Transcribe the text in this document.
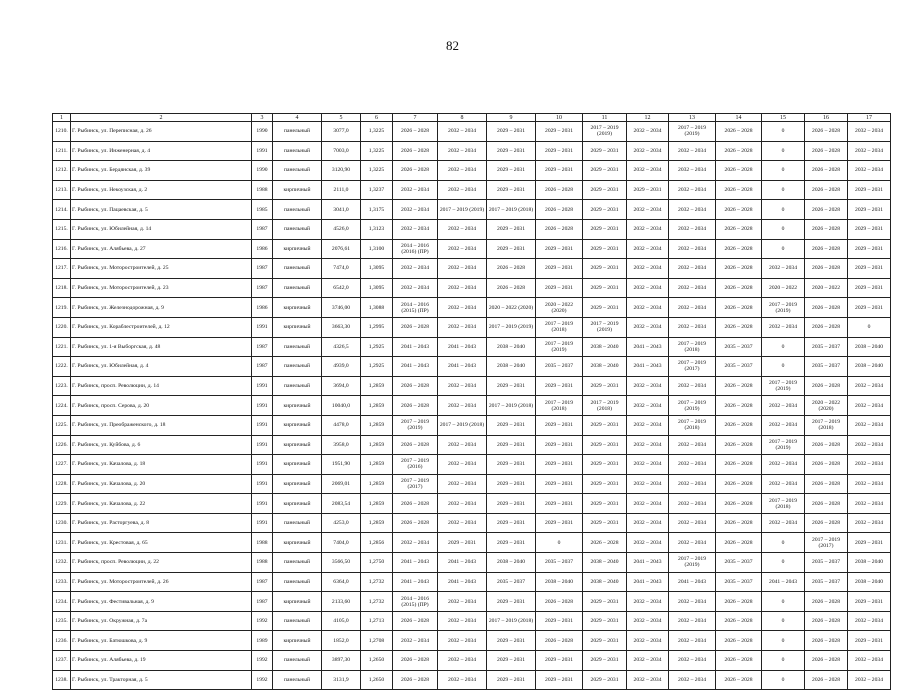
82
1	2	3	4	5	6	7	8	9	10	11	12	13	14	15	16	17
1210.	Г. Рыбинск, ул. Переписная, д. 26	1990	панельный	3077,0	1,3225	2026 – 2028	2032 – 2034	2029 – 2031	2029 – 2031	2017 – 2019 (2019)	2032 – 2034	2017 – 2019 (2019)	2026 – 2028	0	2026 – 2028	2032 – 2034
1211.	Г. Рыбинск, ул. Инженерная, д. 4	1991	панельный	7003,0	1,3225	2026 – 2028	2032 – 2034	2029 – 2031	2029 – 2031	2029 – 2031	2032 – 2034	2032 – 2034	2026 – 2028	0	2026 – 2028	2032 – 2034
1212.	Г. Рыбинск, ул. Бердянская, д. 39	1990	панельный	3120,90	1,3225	2026 – 2028	2032 – 2034	2029 – 2031	2029 – 2031	2029 – 2031	2032 – 2034	2032 – 2034	2026 – 2028	0	2026 – 2028	2032 – 2034
1213.	Г. Рыбинск, ул. Некоузская, д. 2	1988	кирпичный	2111,0	1,3237	2032 – 2034	2032 – 2034	2029 – 2031	2026 – 2028	2029 – 2031	2029 – 2031	2032 – 2034	2026 – 2028	0	2026 – 2028	2029 – 2031
1214.	Г. Рыбинск, ул. Пацаевская, д. 5	1985	панельный	3041,0	1,3175	2032 – 2034	2017 – 2019 (2019)	2017 – 2019 (2018)	2026 – 2028	2029 – 2031	2032 – 2034	2032 – 2034	2026 – 2028	0	2026 – 2028	2029 – 2031
1215.	Г. Рыбинск, ул. Юбилейная, д. 14	1987	панельный	4526,0	1,3123	2032 – 2034	2032 – 2034	2029 – 2031	2026 – 2028	2029 – 2031	2032 – 2034	2032 – 2034	2026 – 2028	0	2026 – 2028	2029 – 2031
1216.	Г. Рыбинск, ул. Алябьева, д. 27	1986	кирпичный	2076,61	1,3100	2014 – 2016 (2016) (ПР)	2032 – 2034	2029 – 2031	2029 – 2031	2029 – 2031	2032 – 2034	2032 – 2034	2026 – 2028	0	2026 – 2028	2029 – 2031
1217.	Г. Рыбинск, ул. Моторостроителей, д. 25	1987	панельный	7474,0	1,3095	2032 – 2034	2032 – 2034	2026 – 2028	2029 – 2031	2029 – 2031	2032 – 2034	2032 – 2034	2026 – 2028	2032 – 2034	2026 – 2028	2029 – 2031
1218.	Г. Рыбинск, ул. Моторостроителей, д. 23	1987	панельный	6542,0	1,3095	2032 – 2034	2032 – 2034	2026 – 2028	2029 – 2031	2029 – 2031	2032 – 2034	2032 – 2034	2026 – 2028	2020 – 2022	2020 – 2022	2029 – 2031
1219.	Г. Рыбинск, ул. Железнодорожная, д. 9	1986	кирпичный	3746,00	1,3088	2014 – 2016 (2015) (ПР)	2032 – 2034	2020 – 2022 (2020)	2020 – 2022 (2020)	2029 – 2031	2032 – 2034	2032 – 2034	2026 – 2028	2017 – 2019 (2019)	2026 – 2028	2029 – 2031
1220.	Г. Рыбинск, ул. Кораблестроителей, д. 12	1991	кирпичный	3663,30	1,2995	2026 – 2028	2032 – 2034	2017 – 2019 (2019)	2017 – 2019 (2018)	2017 – 2019 (2019)	2032 – 2034	2032 – 2034	2026 – 2028	2032 – 2034	2026 – 2028	0
1221.	Г. Рыбинск, ул. 1-я Выборгская, д. 48	1987	панельный	4326,5	1,2925	2041 – 2043	2041 – 2043	2038 – 2040	2017 – 2019 (2019)	2038 – 2040	2041 – 2043	2017 – 2019 (2018)	2035 – 2037	0	2035 – 2037	2038 – 2040
1222.	Г. Рыбинск, ул. Юбилейная, д. 4	1987	панельный	4939,0	1,2925	2041 – 2043	2041 – 2043	2038 – 2040	2035 – 2037	2038 – 2040	2041 – 2043	2017 – 2019 (2017)	2035 – 2037	0	2035 – 2037	2038 – 2040
1223.	Г. Рыбинск, просп. Революции, д. 14	1991	панельный	3694,0	1,2859	2026 – 2028	2032 – 2034	2029 – 2031	2029 – 2031	2029 – 2031	2032 – 2034	2032 – 2034	2026 – 2028	2017 – 2019 (2019)	2026 – 2028	2032 – 2034
1224.	Г. Рыбинск, просп. Серова, д. 20	1991	кирпичный	10040,0	1,2859	2026 – 2028	2032 – 2034	2017 – 2019 (2018)	2017 – 2019 (2018)	2017 – 2019 (2018)	2032 – 2034	2017 – 2019 (2019)	2026 – 2028	2032 – 2034	2020 – 2022 (2020)	2032 – 2034
1225.	Г. Рыбинск, ул. Преображенского, д. 18	1991	кирпичный	4478,0	1,2859	2017 – 2019 (2019)	2017 – 2019 (2018)	2029 – 2031	2029 – 2031	2029 – 2031	2032 – 2034	2017 – 2019 (2018)	2026 – 2028	2032 – 2034	2017 – 2019 (2018)	2032 – 2034
1226.	Г. Рыбинск, ул. Куйбова, д. 6	1991	кирпичный	3958,0	1,2859	2026 – 2028	2032 – 2034	2029 – 2031	2029 – 2031	2029 – 2031	2032 – 2034	2032 – 2034	2026 – 2028	2017 – 2019 (2019)	2026 – 2028	2032 – 2034
1227.	Г. Рыбинск, ул. Качалова, д. 18	1991	кирпичный	1951,90	1,2859	2017 – 2019 (2016)	2032 – 2034	2029 – 2031	2029 – 2031	2029 – 2031	2032 – 2034	2032 – 2034	2026 – 2028	2032 – 2034	2026 – 2028	2032 – 2034
1228.	Г. Рыбинск, ул. Качалова, д. 20	1991	кирпичный	2069,01	1,2859	2017 – 2019 (2017)	2032 – 2034	2029 – 2031	2029 – 2031	2029 – 2031	2032 – 2034	2032 – 2034	2026 – 2028	2032 – 2034	2026 – 2028	2032 – 2034
1229.	Г. Рыбинск, ул. Качалова, д. 22	1991	кирпичный	2083,54	1,2859	2026 – 2028	2032 – 2034	2029 – 2031	2029 – 2031	2029 – 2031	2032 – 2034	2032 – 2034	2026 – 2028	2017 – 2019 (2018)	2026 – 2028	2032 – 2034
1230.	Г. Рыбинск, ул. Расторгуева, д. 8	1991	панельный	4253,0	1,2859	2026 – 2028	2032 – 2034	2029 – 2031	2029 – 2031	2029 – 2031	2032 – 2034	2032 – 2034	2026 – 2028	2032 – 2034	2026 – 2028	2032 – 2034
1231.	Г. Рыбинск, ул. Крестовая, д. 65	1988	кирпичный	7404,0	1,2856	2032 – 2034	2029 – 2031	2029 – 2031	0	2026 – 2028	2032 – 2034	2032 – 2034	2026 – 2028	0	2017 – 2019 (2017)	2029 – 2031
1232.	Г. Рыбинск, просп. Революции, д. 22	1988	панельный	3566,50	1,2750	2041 – 2043	2041 – 2043	2038 – 2040	2035 – 2037	2038 – 2040	2041 – 2043	2017 – 2019 (2019)	2035 – 2037	0	2035 – 2037	2038 – 2040
1233.	Г. Рыбинск, ул. Моторостроителей, д. 26	1987	панельный	6364,0	1,2732	2041 – 2043	2041 – 2043	2035 – 2037	2038 – 2040	2038 – 2040	2041 – 2043	2041 – 2043	2035 – 2037	2041 – 2043	2035 – 2037	2038 – 2040
1234.	Г. Рыбинск, ул. Фестивальная, д. 9	1987	кирпичный	2133,60	1,2732	2014 – 2016 (2015) (ПР)	2032 – 2034	2029 – 2031	2026 – 2028	2029 – 2031	2032 – 2034	2032 – 2034	2026 – 2028	0	2026 – 2028	2029 – 2031
1235.	Г. Рыбинск, ул. Окружная, д. 7а	1992	панельный	4105,0	1,2713	2026 – 2028	2032 – 2034	2017 – 2019 (2018)	2029 – 2031	2029 – 2031	2032 – 2034	2032 – 2034	2026 – 2028	0	2026 – 2028	2032 – 2034
1236.	Г. Рыбинск, ул. Батюшкова, д. 9	1989	кирпичный	1852,0	1,2708	2032 – 2034	2032 – 2034	2029 – 2031	2026 – 2028	2029 – 2031	2032 – 2034	2032 – 2034	2026 – 2028	0	2026 – 2028	2029 – 2031
1237.	Г. Рыбинск, ул. Алябьева, д. 19	1992	панельный	3897,30	1,2650	2026 – 2028	2032 – 2034	2029 – 2031	2029 – 2031	2029 – 2031	2032 – 2034	2032 – 2034	2026 – 2028	0	2026 – 2028	2032 – 2034
1238.	Г. Рыбинск, ул. Тракторная, д. 5	1992	панельный	3131,9	1,2650	2026 – 2028	2032 – 2034	2029 – 2031	2029 – 2031	2029 – 2031	2032 – 2034	2032 – 2034	2026 – 2028	0	2026 – 2028	2032 – 2034
